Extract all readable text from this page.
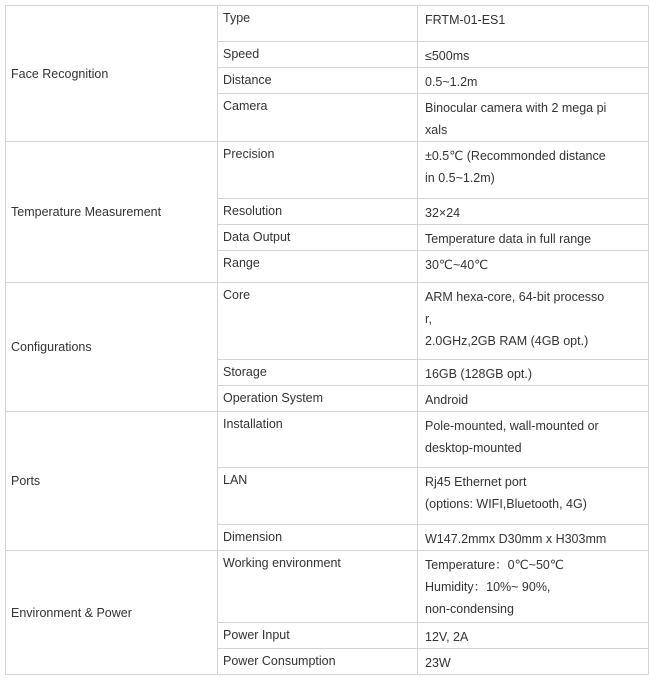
Face Recognition	Type	FRTM-01-ES1

	Speed	≤500ms

	Distance	0.5~1.2m

	Camera	Binocular camera with 2 mega pi
xals

Temperature Measurement	Precision	±0.5℃ (Recommonded distance
in 0.5~1.2m)

	Resolution	32×24

	Data Output	Temperature data in full range

	Range	30℃~40℃

Configurations	Core	ARM hexa-core, 64-bit processo
r,
2.0GHz,2GB RAM (4GB opt.)

	Storage	16GB (128GB opt.)

	Operation System	Android

Ports	Installation	Pole-mounted, wall-mounted or
desktop-mounted

	LAN	Rj45 Ethernet port
(options: WIFI,Bluetooth, 4G)

	Dimension	W147.2mmx D30mm x H303mm

Environment & Power	Working environment	Temperature：0℃~50℃
Humidity：10%~ 90%,
non-condensing

	Power Input	12V, 2A

	Power Consumption	23W
